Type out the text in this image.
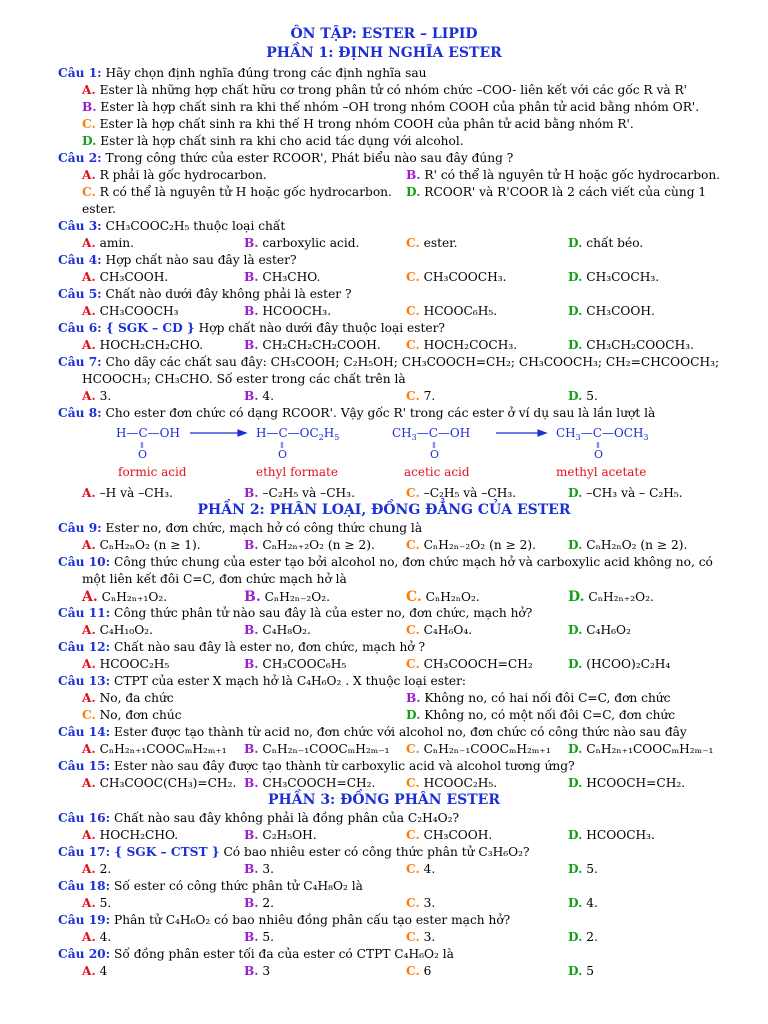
ÔN TẬP: ESTER – LIPID
PHẦN 1: ĐỊNH NGHĨA ESTER
Câu 1: Hãy chọn định nghĩa đúng trong các định nghĩa sau
A. Ester là những hợp chất hữu cơ trong phân tử có nhóm chức –COO- liên kết với các gốc R và R'
B. Ester là hợp chất sinh ra khi thế nhóm –OH trong nhóm COOH của phân tử acid bằng nhóm OR'.
C. Ester là hợp chất sinh ra khi thế H trong nhóm COOH của phân tử acid bằng nhóm R'.
D. Ester là hợp chất sinh ra khi cho acid tác dụng với alcohol.
Câu 2: Trong công thức của ester RCOOR', Phát biểu nào sau đây đúng ?
A. R phải là gốc hydrocarbon.	B. R' có thể là nguyên tử H hoặc gốc hydrocarbon.
C. R có thể là nguyên tử H hoặc gốc hydrocarbon. D. RCOOR' và R'COOR là 2 cách viết của cùng 1
ester.
Câu 3: CH₃COOC₂H₅ thuộc loại chất
A. amin.	B. carboxylic acid.	C. ester.	D. chất béo.
Câu 4: Hợp chất nào sau đây là ester?
A. CH₃COOH.	B. CH₃CHO.	C. CH₃COOCH₃.	D. CH₃COCH₃.
Câu 5: Chất nào dưới đây không phải là ester ?
A. CH₃COOCH₃	B. HCOOCH₃.	C. HCOOC₆H₅.	D. CH₃COOH.
Câu 6: { SGK – CD } Hợp chất nào dưới đây thuộc loại ester?
A. HOCH₂CH₂CHO.	B. CH₂CH₂CH₂COOH. C. HOCH₂COCH₃.	D. CH₃CH₂COOCH₃.
Câu 7: Cho dãy các chất sau đây: CH₃COOH; C₂H₅OH; CH₃COOCH=CH₂; CH₃COOCH₃; CH₂=CHCOOCH₃;
HCOOCH₃; CH₃CHO. Số ester trong các chất trên là
A. 3.	B. 4.	C. 7.	D. 5.
Câu 8: Cho ester đơn chức có dạng RCOOR'. Vậy gốc R' trong các ester ở ví dụ sau là lần lượt là
H—C—OH
ǁ
O
$H—C—OC_2H_5$
ǁ
O
$CH_3—C—OH$
ǁ
O
$CH_3—C—OCH_3$
ǁ
O
formic acid	ethyl formate	acetic acid	methyl acetate
A. –H và –CH₃.	B. –C₂H₅ và –CH₃.	C. –C₂H₅ và –CH₃.	D. –CH₃ và – C₂H₅.
PHẦN 2: PHÂN LOẠI, ĐỒNG ĐẲNG CỦA ESTER
Câu 9: Ester no, đơn chức, mạch hở có công thức chung là
A. CₙH₂ₙO₂ (n ≥ 1).	B. CₙH₂ₙ₊₂O₂ (n ≥ 2).	C. CₙH₂ₙ₋₂O₂ (n ≥ 2).	D. CₙH₂ₙO₂ (n ≥ 2).
Câu 10: Công thức chung của ester tạo bởi alcohol no, đơn chức mạch hở và carboxylic acid không no, có
một liên kết đôi C=C, đơn chức mạch hở là
A. CₙH₂ₙ₊₁O₂.	B. CₙH₂ₙ₋₂O₂.	C. CₙH₂ₙO₂.	D. CₙH₂ₙ₊₂O₂.
Câu 11: Công thức phân tử nào sau đây là của ester no, đơn chức, mạch hở?
A. C₄H₁₀O₂.	B. C₄H₈O₂.	C. C₄H₆O₄.	D. C₄H₆O₂
Câu 12: Chất nào sau đây là ester no, đơn chức, mạch hở ?
A. HCOOC₂H₅	B. CH₃COOC₆H₅	C. CH₃COOCH=CH₂	D. (HCOO)₂C₂H₄
Câu 13: CTPT của ester X mạch hở là C₄H₆O₂ . X thuộc loại ester:
A. No, đa chức	B. Không no, có hai nối đôi C=C, đơn chức
C. No, đơn chúc	D. Không no, có một nối đôi C=C, đơn chức
Câu 14: Ester được tạo thành từ acid no, đơn chức với alcohol no, đơn chức có công thức nào sau đây
A. CₙH₂ₙ₊₁COOCₘH₂ₘ₊₁ B. CₙH₂ₙ₋₁COOCₘH₂ₘ₋₁ C. CₙH₂ₙ₋₁COOCₘH₂ₘ₊₁ D. CₙH₂ₙ₊₁COOCₘH₂ₘ₋₁
Câu 15: Ester nào sau đây được tạo thành từ carboxylic acid và alcohol tương ứng?
A. CH₃COOC(CH₃)=CH₂. B. CH₃COOCH=CH₂.	C. HCOOC₂H₅.	D. HCOOCH=CH₂.
PHẦN 3: ĐỒNG PHÂN ESTER
Câu 16: Chất nào sau đây không phải là đồng phân của C₂H₄O₂?
A. HOCH₂CHO.	B. C₂H₅OH.	C. CH₃COOH.	D. HCOOCH₃.
Câu 17: { SGK – CTST } Có bao nhiêu ester có công thức phân tử C₃H₆O₂?
A. 2.	B. 3.	C. 4.	D. 5.
Câu 18: Số ester có công thức phân tử C₄H₈O₂ là
A. 5.	B. 2.	C. 3.	D. 4.
Câu 19: Phân tử C₄H₆O₂ có bao nhiêu đồng phân cấu tạo ester mạch hở?
A. 4.	B. 5.	C. 3.	D. 2.
Câu 20: Số đồng phân ester tối đa của ester có CTPT C₄H₆O₂ là
A. 4	B. 3	C. 6	D. 5
